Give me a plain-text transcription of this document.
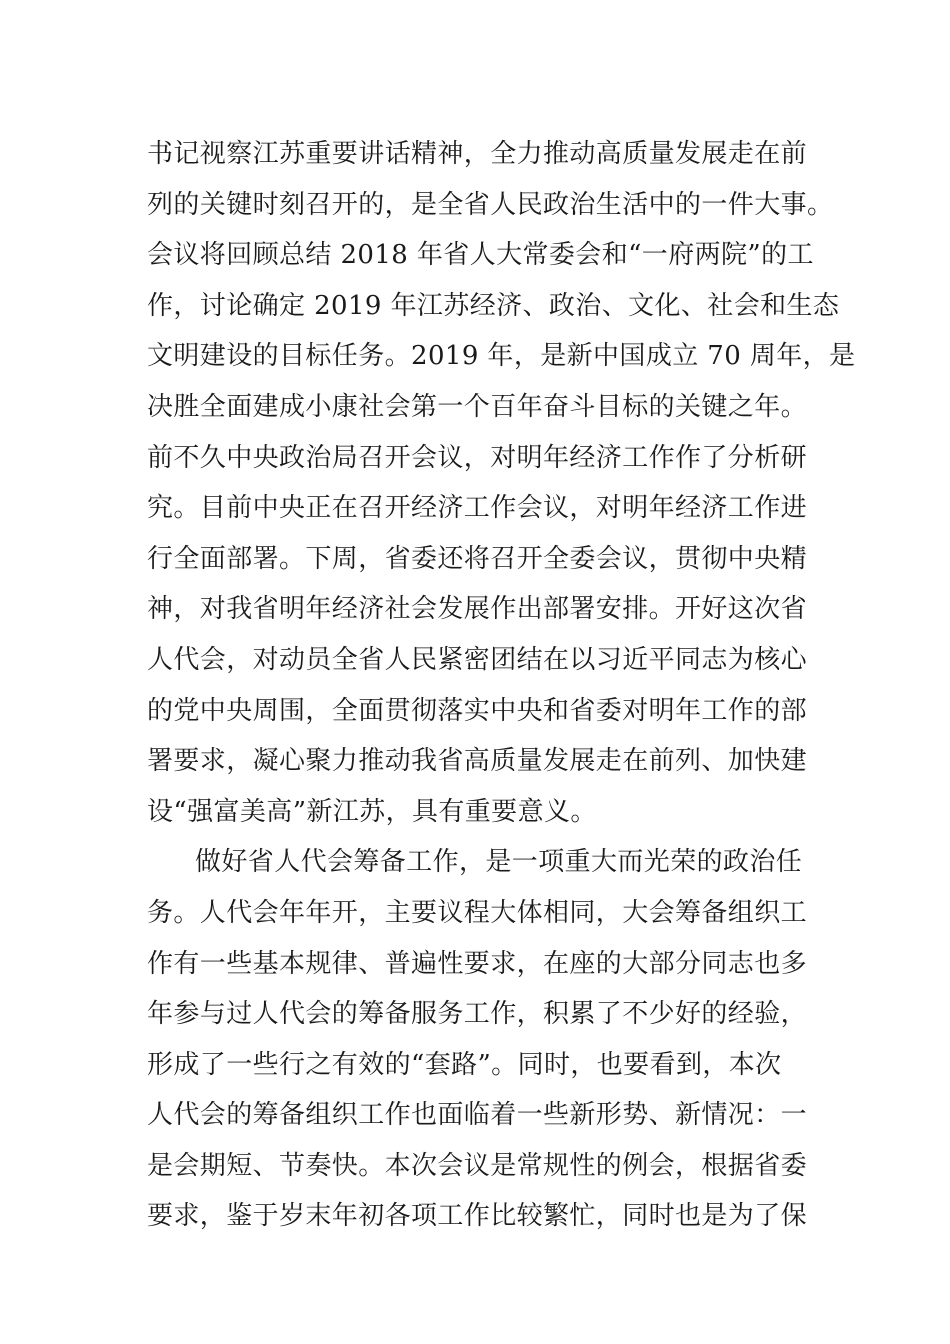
书记视察江苏重要讲话精神，全力推动高质量发展走在前
列的关键时刻召开的，是全省人民政治生活中的一件大事。
会议将回顾总结 2018 年省人大常委会和“一府两院”的工
作，讨论确定 2019 年江苏经济、政治、文化、社会和生态
文明建设的目标任务。2019 年，是新中国成立 70 周年，是
决胜全面建成小康社会第一个百年奋斗目标的关键之年。
前不久中央政治局召开会议，对明年经济工作作了分析研
究。目前中央正在召开经济工作会议，对明年经济工作进
行全面部署。下周，省委还将召开全委会议，贯彻中央精
神，对我省明年经济社会发展作出部署安排。开好这次省
人代会，对动员全省人民紧密团结在以习近平同志为核心
的党中央周围，全面贯彻落实中央和省委对明年工作的部
署要求，凝心聚力推动我省高质量发展走在前列、加快建
设“强富美高”新江苏，具有重要意义。
做好省人代会筹备工作，是一项重大而光荣的政治任
务。人代会年年开，主要议程大体相同，大会筹备组织工
作有一些基本规律、普遍性要求，在座的大部分同志也多
年参与过人代会的筹备服务工作，积累了不少好的经验，
形成了一些行之有效的“套路”。同时，也要看到，本次
人代会的筹备组织工作也面临着一些新形势、新情况：一
是会期短、节奏快。本次会议是常规性的例会，根据省委
要求，鉴于岁末年初各项工作比较繁忙，同时也是为了保
